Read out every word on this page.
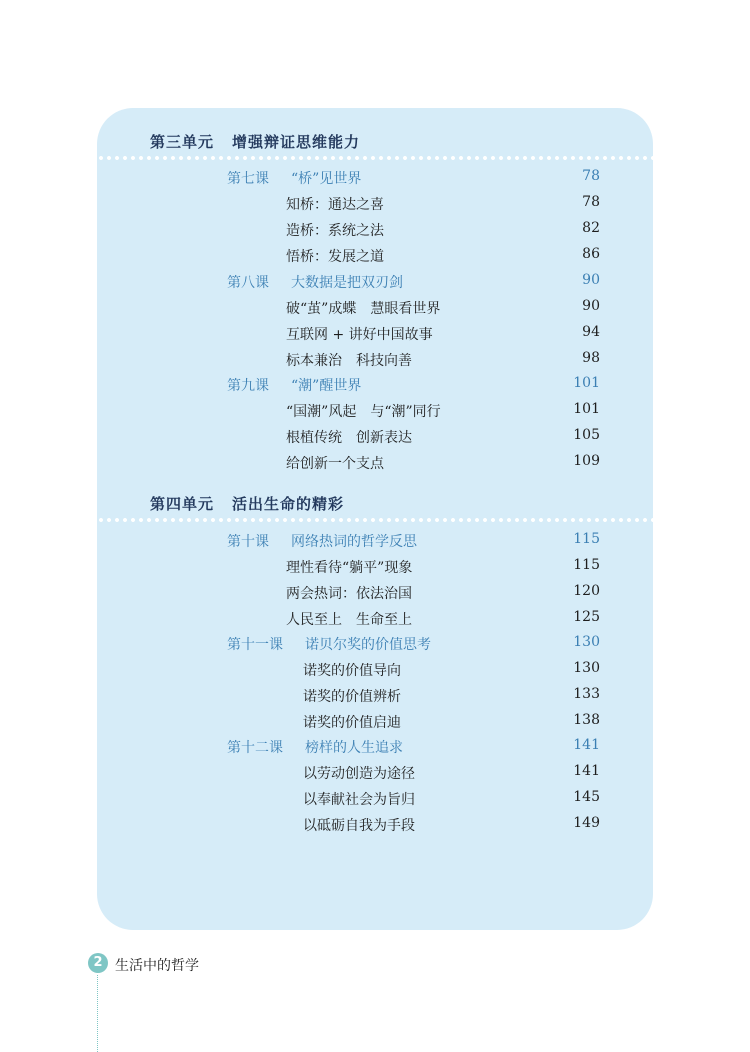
第三单元 增强辩证思维能力
第四单元 活出生命的精彩
第七课 “桥”见世界	78
知桥：通达之喜	78
造桥：系统之法	82
悟桥：发展之道	86
第八课 大数据是把双刃剑	90
破“茧”成蝶　慧眼看世界	90
互联网 + 讲好中国故事	94
标本兼治　科技向善	98
第九课 “潮”醒世界	101
“国潮”风起　与“潮”同行	101
根植传统　创新表达	105
给创新一个支点	109
第十课 网络热词的哲学反思	115
理性看待“躺平”现象	115
两会热词：依法治国	120
人民至上　生命至上	125
第十一课 诺贝尔奖的价值思考	130
诺奖的价值导向	130
诺奖的价值辨析	133
诺奖的价值启迪	138
第十二课 榜样的人生追求	141
以劳动创造为途径	141
以奉献社会为旨归	145
以砥砺自我为手段	149
2 生活中的哲学
